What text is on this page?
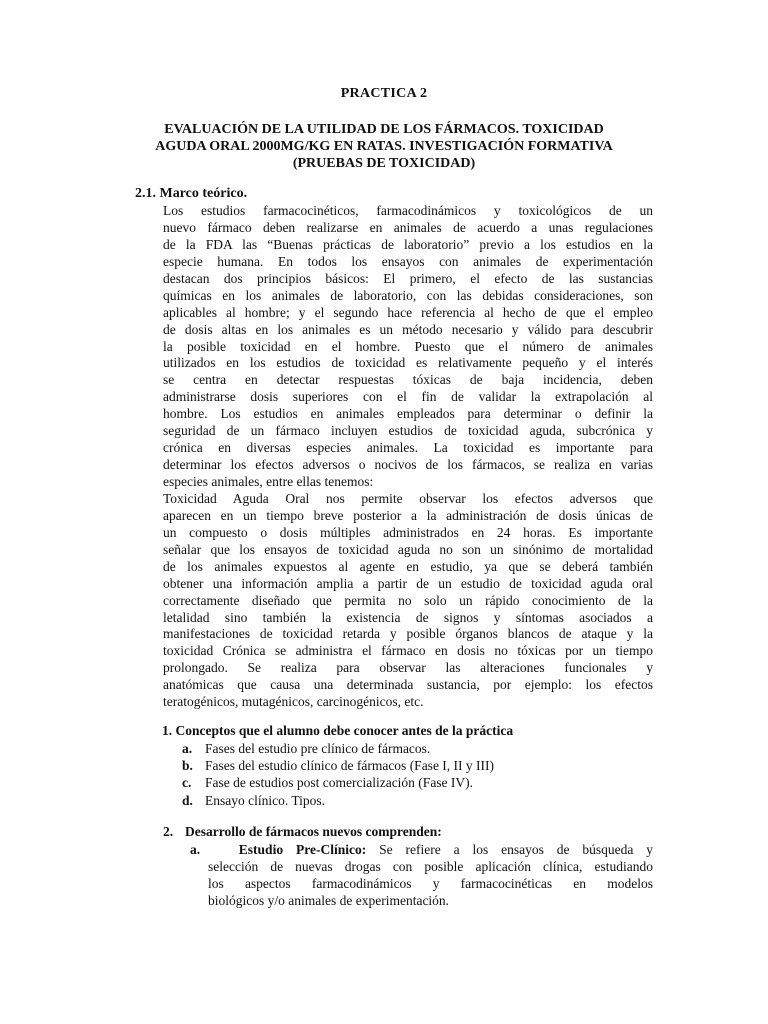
PRACTICA 2
EVALUACIÓN DE LA UTILIDAD DE LOS FÁRMACOS. TOXICIDAD
AGUDA ORAL 2000MG/KG EN RATAS. INVESTIGACIÓN FORMATIVA
(PRUEBAS DE TOXICIDAD)
2.1. Marco teórico.
Los estudios farmacocinéticos, farmacodinámicos y toxicológicos de un
nuevo fármaco deben realizarse en animales de acuerdo a unas regulaciones
de la FDA las “Buenas prácticas de laboratorio” previo a los estudios en la
especie humana. En todos los ensayos con animales de experimentación
destacan dos principios básicos: El primero, el efecto de las sustancias
químicas en los animales de laboratorio, con las debidas consideraciones, son
aplicables al hombre; y el segundo hace referencia al hecho de que el empleo
de dosis altas en los animales es un método necesario y válido para descubrir
la posible toxicidad en el hombre. Puesto que el número de animales
utilizados en los estudios de toxicidad es relativamente pequeño y el interés
se centra en detectar respuestas tóxicas de baja incidencia, deben
administrarse dosis superiores con el fin de validar la extrapolación al
hombre. Los estudios en animales empleados para determinar o definir la
seguridad de un fármaco incluyen estudios de toxicidad aguda, subcrónica y
crónica en diversas especies animales. La toxicidad es importante para
determinar los efectos adversos o nocivos de los fármacos, se realiza en varias
especies animales, entre ellas tenemos:
Toxicidad Aguda Oral nos permite observar los efectos adversos que
aparecen en un tiempo breve posterior a la administración de dosis únicas de
un compuesto o dosis múltiples administrados en 24 horas. Es importante
señalar que los ensayos de toxicidad aguda no son un sinónimo de mortalidad
de los animales expuestos al agente en estudio, ya que se deberá también
obtener una información amplia a partir de un estudio de toxicidad aguda oral
correctamente diseñado que permita no solo un rápido conocimiento de la
letalidad sino también la existencia de signos y síntomas asociados a
manifestaciones de toxicidad retarda y posible órganos blancos de ataque y la
toxicidad Crónica se administra el fármaco en dosis no tóxicas por un tiempo
prolongado. Se realiza para observar las alteraciones funcionales y
anatómicas que causa una determinada sustancia, por ejemplo: los efectos
teratogénicos, mutagénicos, carcinogénicos, etc.
1. Conceptos que el alumno debe conocer antes de la práctica
a. Fases del estudio pre clínico de fármacos.
b. Fases del estudio clínico de fármacos (Fase I, II y III)
c. Fase de estudios post comercialización (Fase IV).
d. Ensayo clínico. Tipos.
2. Desarrollo de fármacos nuevos comprenden:
a.	Estudio Pre-Clínico: Se refiere a los ensayos de búsqueda y
selección de nuevas drogas con posible aplicación clínica, estudiando
los aspectos farmacodinámicos y farmacocinéticas en modelos
biológicos y/o animales de experimentación.
